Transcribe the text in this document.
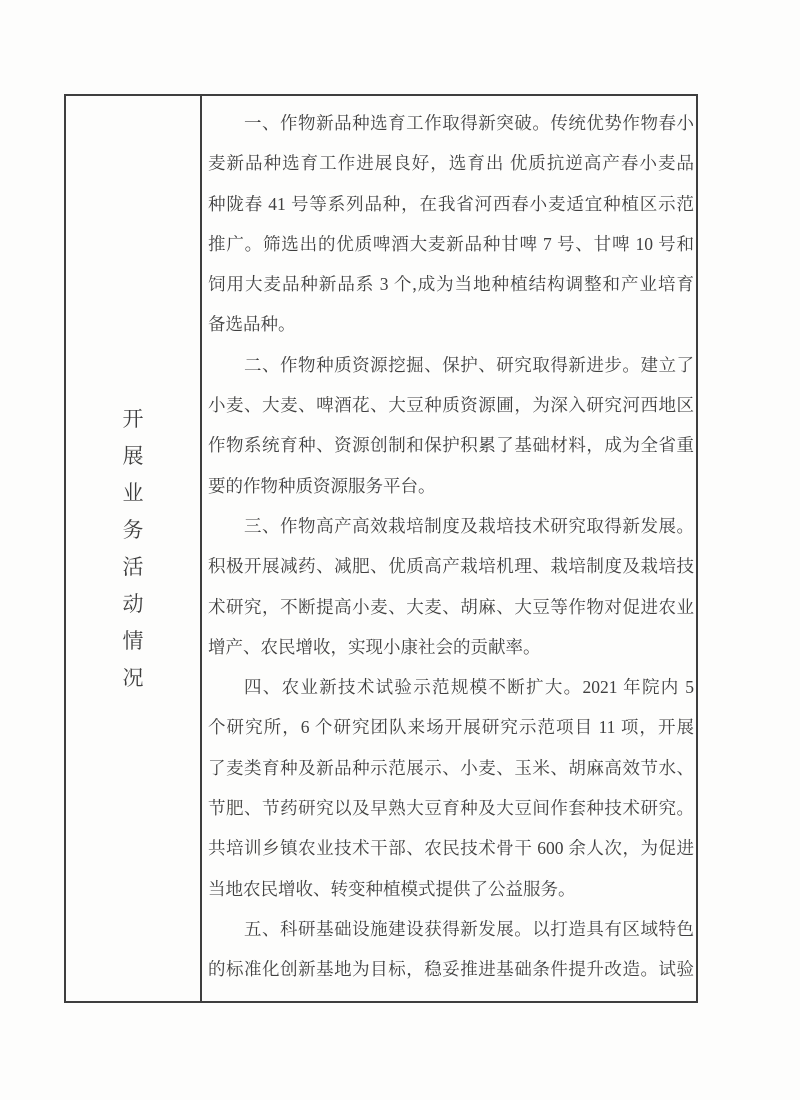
开
展
业
务
活
动
情
况
一、作物新品种选育工作取得新突破。传统优势作物春小
麦新品种选育工作进展良好，选育出 优质抗逆高产春小麦品
种陇春 41 号等系列品种，在我省河西春小麦适宜种植区示范
推广。筛选出的优质啤酒大麦新品种甘啤 7 号、甘啤 10 号和
饲用大麦品种新品系 3 个,成为当地种植结构调整和产业培育
备选品种。
二、作物种质资源挖掘、保护、研究取得新进步。建立了
小麦、大麦、啤酒花、大豆种质资源圃，为深入研究河西地区
作物系统育种、资源创制和保护积累了基础材料，成为全省重
要的作物种质资源服务平台。
三、作物高产高效栽培制度及栽培技术研究取得新发展。
积极开展减药、减肥、优质高产栽培机理、栽培制度及栽培技
术研究，不断提高小麦、大麦、胡麻、大豆等作物对促进农业
增产、农民增收，实现小康社会的贡献率。
四、农业新技术试验示范规模不断扩大。2021 年院内 5
个研究所，6 个研究团队来场开展研究示范项目 11 项，开展
了麦类育种及新品种示范展示、小麦、玉米、胡麻高效节水、
节肥、节药研究以及早熟大豆育种及大豆间作套种技术研究。
共培训乡镇农业技术干部、农民技术骨干 600 余人次，为促进
当地农民增收、转变种植模式提供了公益服务。
五、科研基础设施建设获得新发展。以打造具有区域特色
的标准化创新基地为目标，稳妥推进基础条件提升改造。试验
